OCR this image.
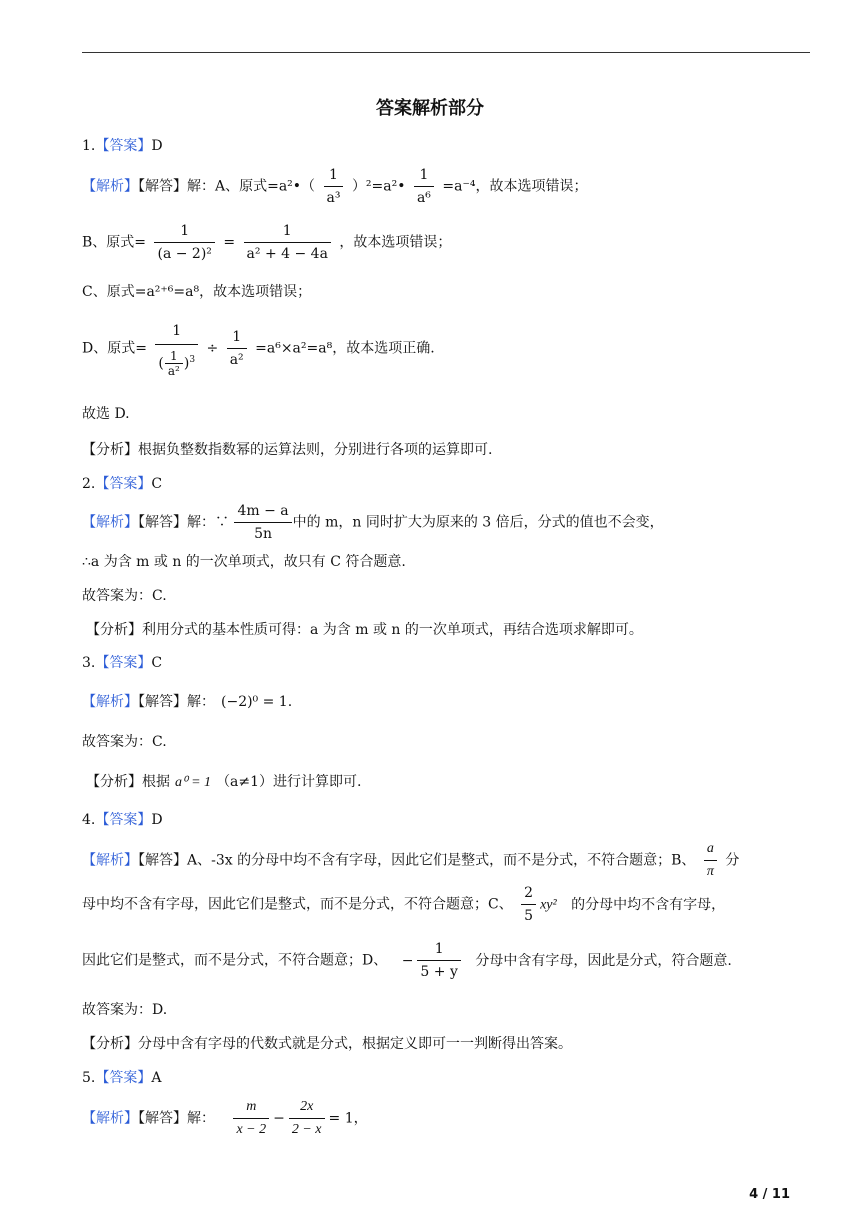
答案解析部分
1.【答案】D
【解析】【解答】解：A、原式=a²•（ $\frac{1}{\text{a³}}$ ）²=a²• $\frac{1}{\text{a⁶}} =a^{-4}$，故本选项错误；
B、原式= $\frac{1}{\text{(a − 2)²}} = \frac{1}{\text{a² + 4 − 4a}}$ ，故本选项错误；
C、原式=a²⁺⁶=a⁸，故本选项错误；
D、原式= $\frac{1}{( \frac{1}{\text{a²}} )^3} \div \frac{1}{\text{a²}} =a^6\times a^2=a^8$，故本选项正确.
故选 D.
【分析】根据负整数指数幂的运算法则，分别进行各项的运算即可.
2.【答案】C
【解析】【解答】解：∵ $\frac{4m - a}{5n}$ 中的 m，n 同时扩大为原来的 3 倍后，分式的值也不会变，
∴a 为含 m 或 n 的一次单项式，故只有 C 符合题意.
故答案为：C.
【分析】利用分式的基本性质可得：a 为含 m 或 n 的一次单项式，再结合选项求解即可。
3.【答案】C
【解析】【解答】解： (−2)⁰ = 1.
故答案为：C.
【分析】根据 a⁰ = 1 （a≠1）进行计算即可.
4.【答案】D
【解析】【解答】A、-3x 的分母中均不含有字母，因此它们是整式，而不是分式，不符合题意；B、 $\frac{a}{\pi}$ 分
母中均不含有字母，因此它们是整式，而不是分式，不符合题意；C、 $\frac{2}{5} xy^2$ 的分母中均不含有字母，
因此它们是整式，而不是分式，不符合题意；D、 − $\frac{1}{5 + y}$ 分母中含有字母，因此是分式，符合题意.
故答案为：D.
【分析】分母中含有字母的代数式就是分式，根据定义即可一一判断得出答案。
5.【答案】A
【解析】【解答】解： $\frac{m}{x - 2} - \frac{2x}{2 - x} = 1$，
4 / 11
